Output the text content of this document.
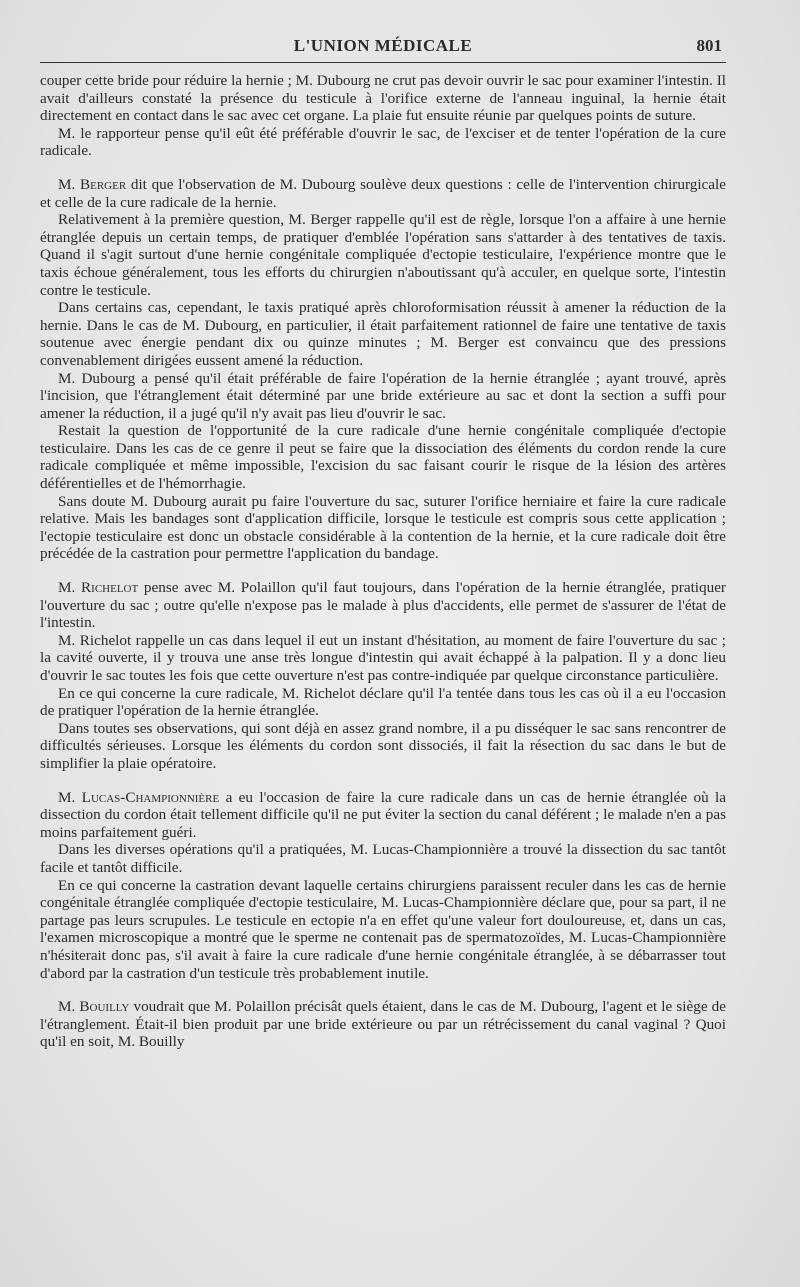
L'UNION MÉDICALE	801

couper cette bride pour réduire la hernie ; M. Dubourg ne crut pas devoir ouvrir le sac pour examiner l'intestin. Il avait d'ailleurs constaté la présence du testicule à l'orifice externe de l'anneau inguinal, la hernie était directement en contact dans le sac avec cet organe. La plaie fut ensuite réunie par quelques points de suture.

M. le rapporteur pense qu'il eût été préférable d'ouvrir le sac, de l'exciser et de tenter l'opération de la cure radicale.

M. Berger dit que l'observation de M. Dubourg soulève deux questions : celle de l'intervention chirurgicale et celle de la cure radicale de la hernie.

Relativement à la première question, M. Berger rappelle qu'il est de règle, lorsque l'on a affaire à une hernie étranglée depuis un certain temps, de pratiquer d'emblée l'opération sans s'attarder à des tentatives de taxis. Quand il s'agit surtout d'une hernie congénitale compliquée d'ectopie testiculaire, l'expérience montre que le taxis échoue généralement, tous les efforts du chirurgien n'aboutissant qu'à acculer, en quelque sorte, l'intestin contre le testicule.

Dans certains cas, cependant, le taxis pratiqué après chloroformisation réussit à amener la réduction de la hernie. Dans le cas de M. Dubourg, en particulier, il était parfaitement rationnel de faire une tentative de taxis soutenue avec énergie pendant dix ou quinze minutes ; M. Berger est convaincu que des pressions convenablement dirigées eussent amené la réduction.

M. Dubourg a pensé qu'il était préférable de faire l'opération de la hernie étranglée ; ayant trouvé, après l'incision, que l'étranglement était déterminé par une bride extérieure au sac et dont la section a suffi pour amener la réduction, il a jugé qu'il n'y avait pas lieu d'ouvrir le sac.

Restait la question de l'opportunité de la cure radicale d'une hernie congénitale compliquée d'ectopie testiculaire. Dans les cas de ce genre il peut se faire que la dissociation des éléments du cordon rende la cure radicale compliquée et même impossible, l'excision du sac faisant courir le risque de la lésion des artères déférentielles et de l'hémorrhagie.

Sans doute M. Dubourg aurait pu faire l'ouverture du sac, suturer l'orifice herniaire et faire la cure radicale relative. Mais les bandages sont d'application difficile, lorsque le testicule est compris sous cette application ; l'ectopie testiculaire est donc un obstacle considérable à la contention de la hernie, et la cure radicale doit être précédée de la castration pour permettre l'application du bandage.

M. Richelot pense avec M. Polaillon qu'il faut toujours, dans l'opération de la hernie étranglée, pratiquer l'ouverture du sac ; outre qu'elle n'expose pas le malade à plus d'accidents, elle permet de s'assurer de l'état de l'intestin.

M. Richelot rappelle un cas dans lequel il eut un instant d'hésitation, au moment de faire l'ouverture du sac ; la cavité ouverte, il y trouva une anse très longue d'intestin qui avait échappé à la palpation. Il y a donc lieu d'ouvrir le sac toutes les fois que cette ouverture n'est pas contre-indiquée par quelque circonstance particulière.

En ce qui concerne la cure radicale, M. Richelot déclare qu'il l'a tentée dans tous les cas où il a eu l'occasion de pratiquer l'opération de la hernie étranglée.

Dans toutes ses observations, qui sont déjà en assez grand nombre, il a pu disséquer le sac sans rencontrer de difficultés sérieuses. Lorsque les éléments du cordon sont dissociés, il fait la résection du sac dans le but de simplifier la plaie opératoire.

M. Lucas-Championnière a eu l'occasion de faire la cure radicale dans un cas de hernie étranglée où la dissection du cordon était tellement difficile qu'il ne put éviter la section du canal déférent ; le malade n'en a pas moins parfaitement guéri.

Dans les diverses opérations qu'il a pratiquées, M. Lucas-Championnière a trouvé la dissection du sac tantôt facile et tantôt difficile.

En ce qui concerne la castration devant laquelle certains chirurgiens paraissent reculer dans les cas de hernie congénitale étranglée compliquée d'ectopie testiculaire, M. Lucas-Championnière déclare que, pour sa part, il ne partage pas leurs scrupules. Le testicule en ectopie n'a en effet qu'une valeur fort douloureuse, et, dans un cas, l'examen microscopique a montré que le sperme ne contenait pas de spermatozoïdes, M. Lucas-Championnière n'hésiterait donc pas, s'il avait à faire la cure radicale d'une hernie congénitale étranglée, à se débarrasser tout d'abord par la castration d'un testicule très probablement inutile.

M. Bouilly voudrait que M. Polaillon précisât quels étaient, dans le cas de M. Dubourg, l'agent et le siège de l'étranglement. Était-il bien produit par une bride extérieure ou par un rétrécissement du canal vaginal ? Quoi qu'il en soit, M. Bouilly
